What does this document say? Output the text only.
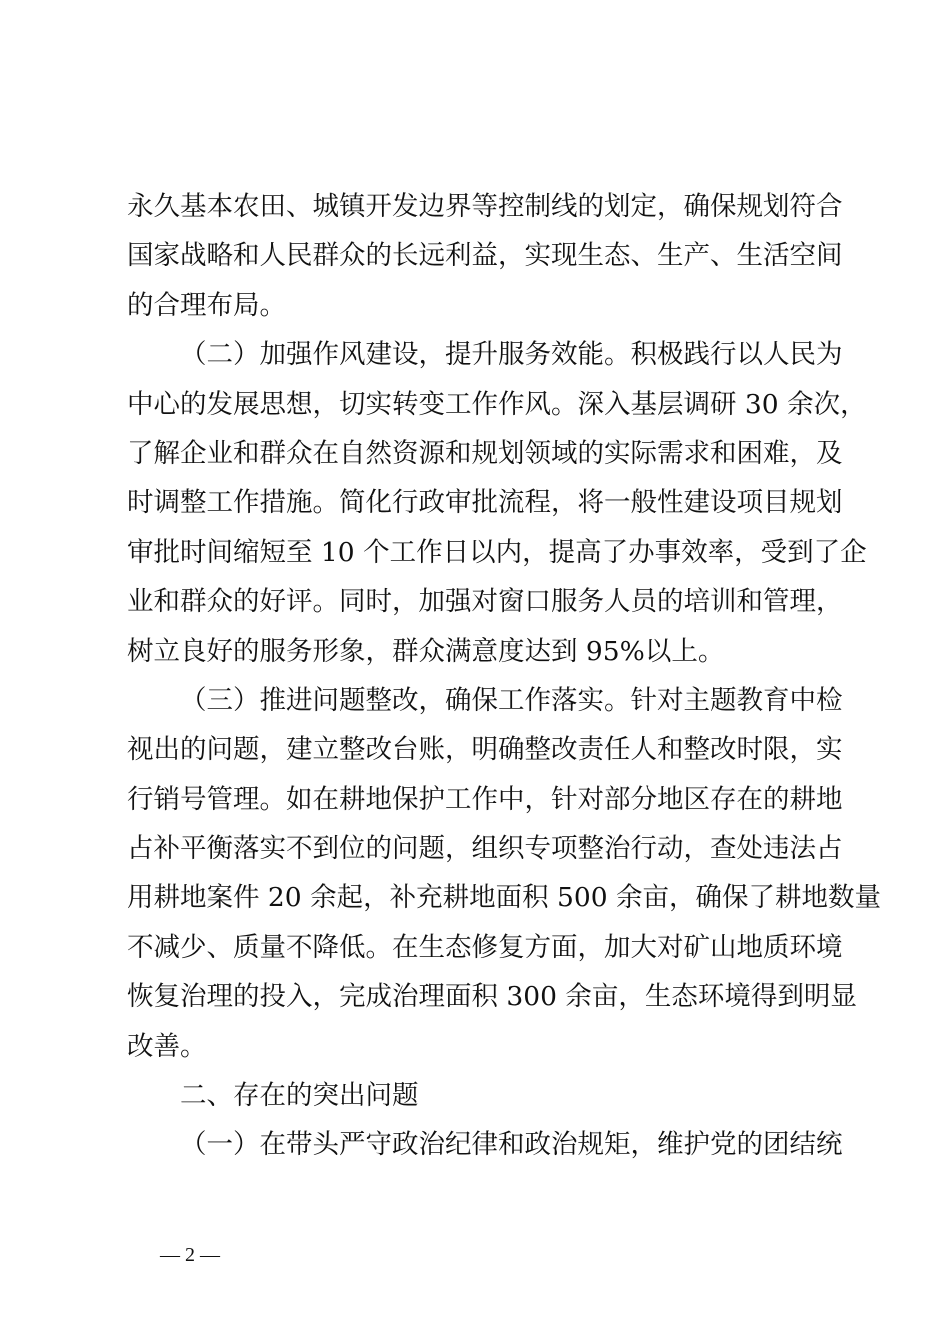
永久基本农田、城镇开发边界等控制线的划定，确保规划符合
国家战略和人民群众的长远利益，实现生态、生产、生活空间
的合理布局。
（二）加强作风建设，提升服务效能。积极践行以人民为
中心的发展思想，切实转变工作作风。深入基层调研 30 余次，
了解企业和群众在自然资源和规划领域的实际需求和困难，及
时调整工作措施。简化行政审批流程，将一般性建设项目规划
审批时间缩短至 10 个工作日以内，提高了办事效率，受到了企
业和群众的好评。同时，加强对窗口服务人员的培训和管理，
树立良好的服务形象，群众满意度达到 95%以上。
（三）推进问题整改，确保工作落实。针对主题教育中检
视出的问题，建立整改台账，明确整改责任人和整改时限，实
行销号管理。如在耕地保护工作中，针对部分地区存在的耕地
占补平衡落实不到位的问题，组织专项整治行动，查处违法占
用耕地案件 20 余起，补充耕地面积 500 余亩，确保了耕地数量
不减少、质量不降低。在生态修复方面，加大对矿山地质环境
恢复治理的投入，完成治理面积 300 余亩，生态环境得到明显
改善。
二、存在的突出问题
（一）在带头严守政治纪律和政治规矩，维护党的团结统
— 2 —
